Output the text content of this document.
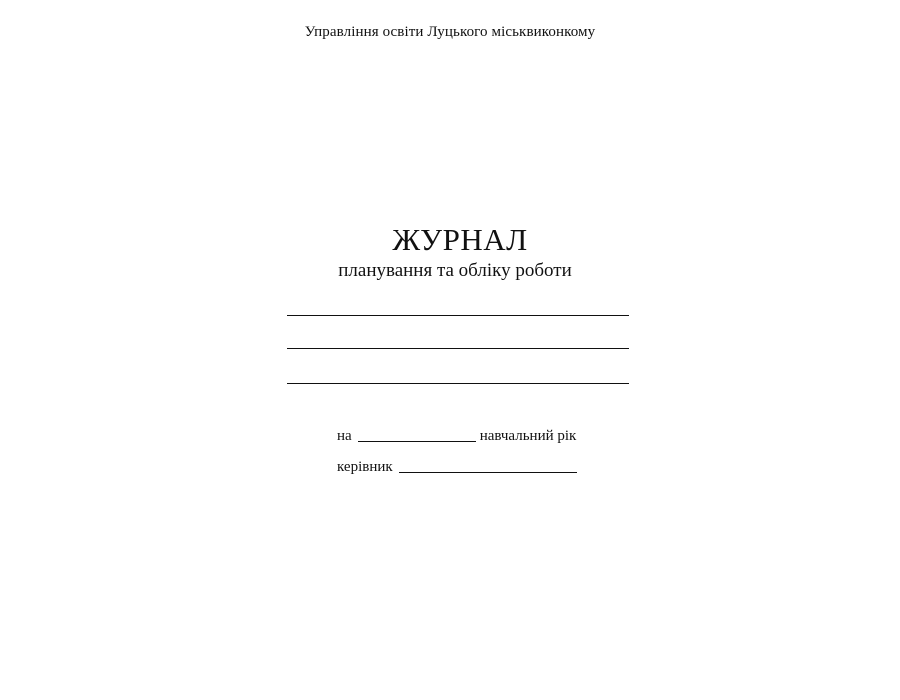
Управління освіти Луцького міськвиконкому
ЖУРНАЛ
планування та обліку роботи
на	навчальний рік
керівник
